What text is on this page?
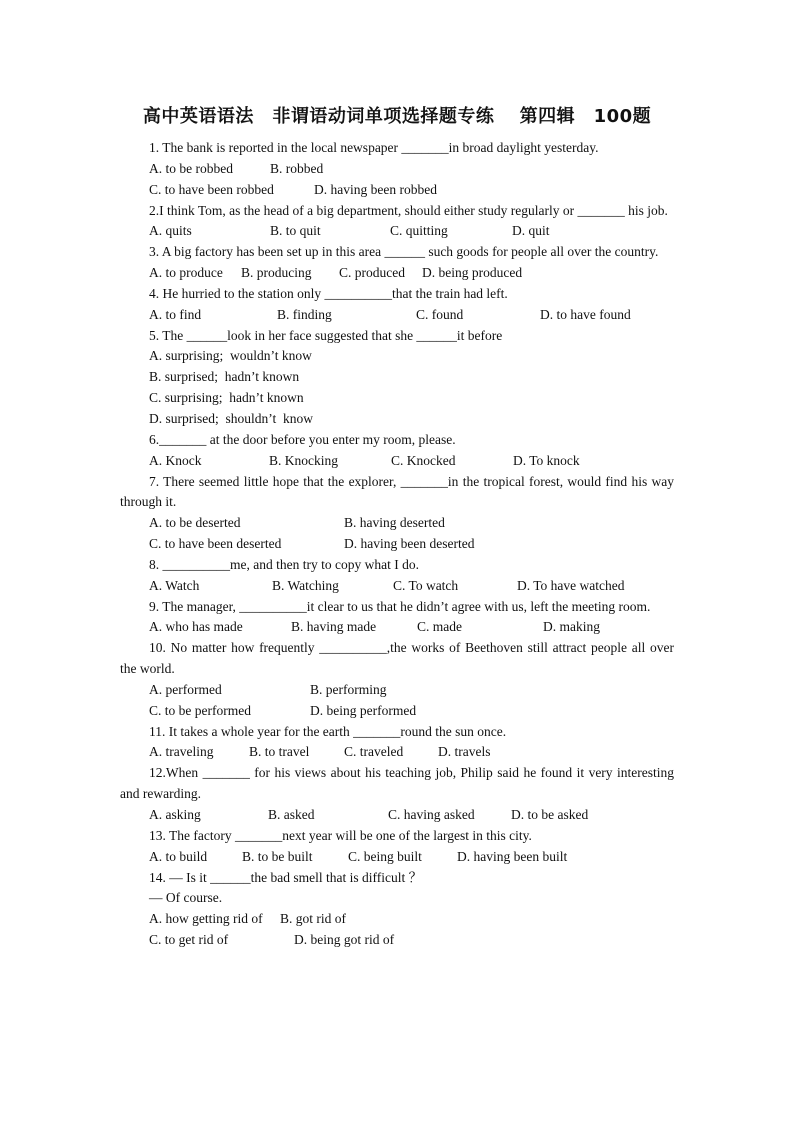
高中英语语法　非谓语动词单项选择题专练　 第四辑　100题
1. The bank is reported in the local newspaper _______in broad daylight yesterday.

A. to be robbed

	B. robbed

C. to have been robbed

	D. having been robbed

2.I think Tom, as the head of a big department, should either study regularly or _______ his job.

A. quits

	B. to quit

	C. quitting

	D. quit

3. A big factory has been set up in this area ______ such goods for people all over the country.

A. to produce

B. producing

C. produced

D. being produced

4. He hurried to the station only __________that the train had left.

A. to find

	B. finding

	C. found

	D. to have found

5. The ______look in her face suggested that she ______it before
A. surprising;  wouldn’t know
B. surprised;  hadn’t known
C. surprising;  hadn’t known
D. surprised;  shouldn’t  know
6._______ at the door before you enter my room, please.

A. Knock

	B. Knocking

	C. Knocked

	D. To knock

7. There seemed little hope that the explorer, _______in the tropical forest, would find his way through it.

A. to be deserted

	B. having deserted

C. to have been deserted

	D. having been deserted

8. __________me, and then try to copy what I do.

A. Watch

	B. Watching

	C. To watch

	D. To have watched

9. The manager, __________it clear to us that he didn’t agree with us, left the meeting room.

A. who has made

	B. having made

	C. made

	D. making

10. No matter how frequently __________,the works of Beethoven still attract people all over the world.

A. performed

	B. performing

C. to be performed

	D. being performed

11. It takes a whole year for the earth _______round the sun once.

A. traveling

	B. to travel

	C. traveled

	D. travels

12.When _______ for his views about his teaching job, Philip said he found it very interesting and rewarding.

A. asking

	B. asked

	C. having asked

	D. to be asked

13. The factory _______next year will be one of the largest in this city.

A. to build

	B. to be built

	C. being built

	D. having been built

14. — Is it ______the bad smell that is difficult ？
— Of course.

A. how getting rid of

B. got rid of

C. to get rid of

	D. being got rid of
